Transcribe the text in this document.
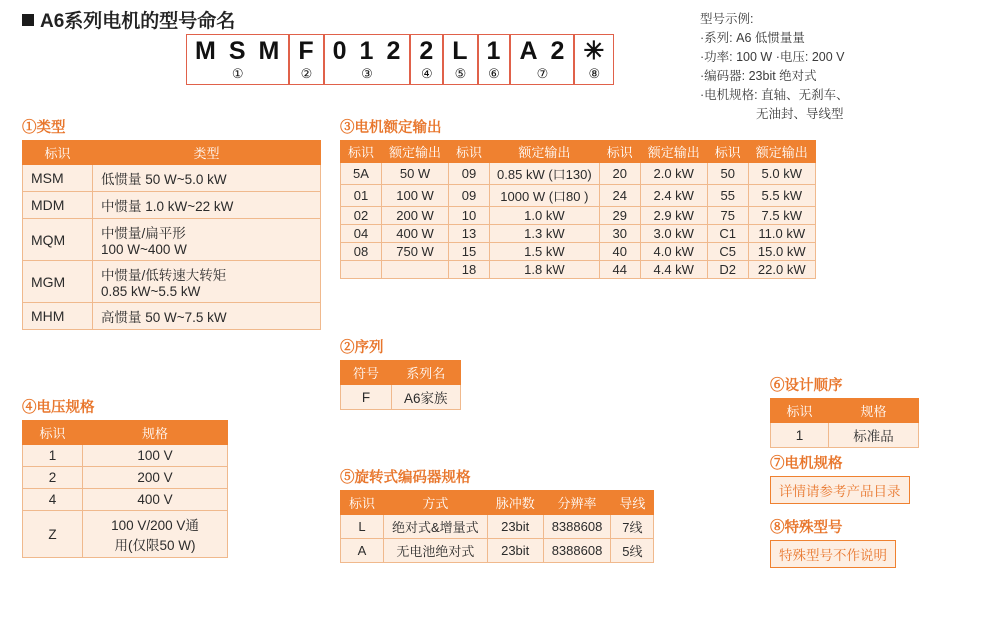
A6系列电机的型号命名
M S M
①
F
②
0 1 2
③
2
④
L
⑤
1
⑥
A 2
⑦
✳
⑧
型号示例:
·系列: A6 低惯量量
·功率: 100 W ·电压: 200 V
·编码器: 23bit 绝对式
·电机规格: 直轴、无刹车、
无油封、导线型
①类型
标识	类型
MSM	低惯量 50 W~5.0 kW
MDM	中惯量 1.0 kW~22 kW
MQM	中惯量/扁平形
100 W~400 W
MGM	中惯量/低转速大转矩
0.85 kW~5.5 kW
MHM	高惯量 50 W~7.5 kW
③电机额定输出
标识	额定输出	标识	额定输出	标识	额定输出	标识	额定输出
5A	50 W	09	0.85 kW (口130)	20	2.0 kW	50	5.0 kW
01	100 W	09	1000 W (口80 )	24	2.4 kW	55	5.5 kW
02	200 W	10	1.0 kW	29	2.9 kW	75	7.5 kW
04	400 W	13	1.3 kW	30	3.0 kW	C1	11.0 kW
08	750 W	15	1.5 kW	40	4.0 kW	C5	15.0 kW
		18	1.8 kW	44	4.4 kW	D2	22.0 kW
②序列
符号	系列名
F	A6家族
④电压规格
标识	规格
1	100 V
2	200 V
4	400 V
Z	100 V/200 V通
用(仅限50 W)
⑤旋转式编码器规格
标识	方式	脉冲数	分辨率	导线
L	绝对式&增量式	23bit	8388608	7线
A	无电池绝对式	23bit	8388608	5线
⑥设计顺序
标识	规格
1	标准品
⑦电机规格
详情请参考产品目录
⑧特殊型号
特殊型号不作说明
